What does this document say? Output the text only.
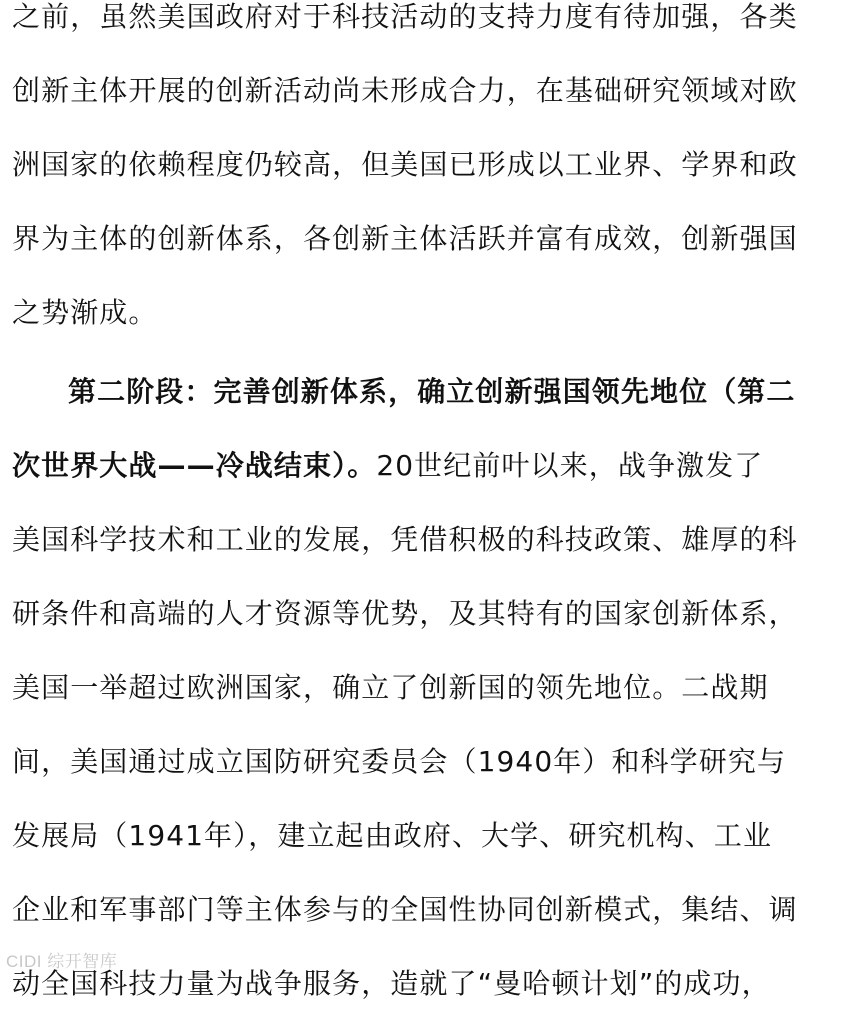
之前，虽然美国政府对于科技活动的支持力度有待加强，各类
创新主体开展的创新活动尚未形成合力，在基础研究领域对欧
洲国家的依赖程度仍较高，但美国已形成以工业界、学界和政
界为主体的创新体系，各创新主体活跃并富有成效，创新强国
之势渐成。
第二阶段：完善创新体系，确立创新强国领先地位（第二
次世界大战——冷战结束）。20世纪前叶以来，战争激发了
美国科学技术和工业的发展，凭借积极的科技政策、雄厚的科
研条件和高端的人才资源等优势，及其特有的国家创新体系，
美国一举超过欧洲国家，确立了创新国的领先地位。二战期
间，美国通过成立国防研究委员会（1940年）和科学研究与
发展局（1941年），建立起由政府、大学、研究机构、工业
企业和军事部门等主体参与的全国性协同创新模式，集结、调
动全国科技力量为战争服务，造就了“曼哈顿计划”的成功，
CIDI 综开智库
